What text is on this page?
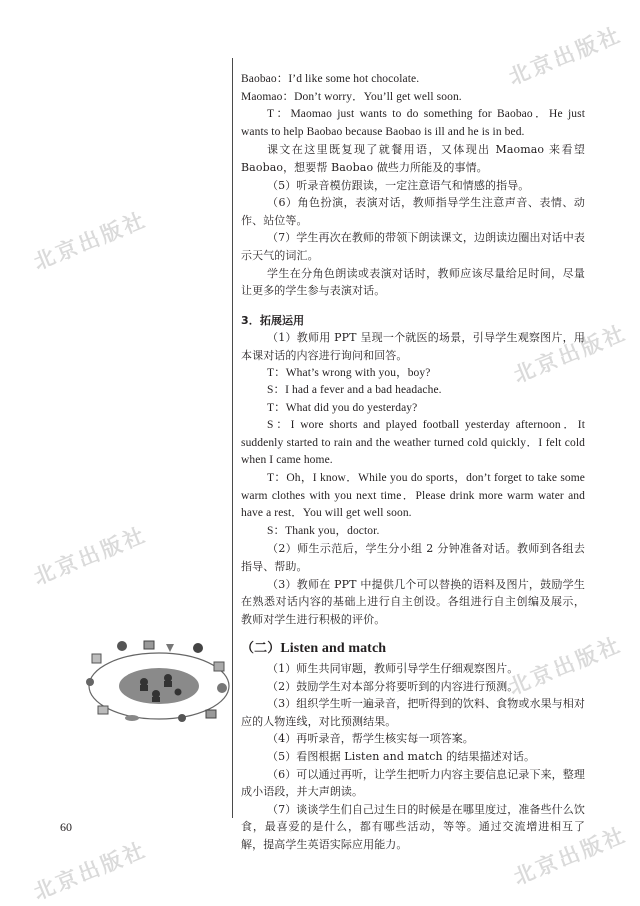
北京出版社
北京出版社
北京出版社
北京出版社
北京出版社
北京出版社	北京出版社

Baobao：I’d like some hot chocolate.

Maomao：Don’t worry．You’ll get well soon.

T：Maomao just wants to do something for Baobao．He just wants to help Baobao because Baobao is ill and he is in bed.

课文在这里既复现了就餐用语，又体现出 Maomao 来看望 Baobao，想要帮 Baobao 做些力所能及的事情。

（5）听录音模仿跟读，一定注意语气和情感的指导。

（6）角色扮演，表演对话，教师指导学生注意声音、表情、动作、站位等。

（7）学生再次在教师的带领下朗读课文，边朗读边圈出对话中表示天气的词汇。

学生在分角色朗读或表演对话时，教师应该尽量给足时间，尽量让更多的学生参与表演对话。

3．拓展运用

（1）教师用 PPT 呈现一个就医的场景，引导学生观察图片，用本课对话的内容进行询问和回答。

T：What’s wrong with you，boy?

S：I had a fever and a bad headache.

T：What did you do yesterday?

S：I wore shorts and played football yesterday afternoon．It suddenly started to rain and the weather turned cold quickly．I felt cold when I came home.

T：Oh，I know．While you do sports，don’t forget to take some warm clothes with you next time．Please drink more warm water and have a rest．You will get well soon.

S：Thank you，doctor.

（2）师生示范后，学生分小组 2 分钟准备对话。教师到各组去指导、帮助。

（3）教师在 PPT 中提供几个可以替换的语料及图片，鼓励学生在熟悉对话内容的基础上进行自主创设。各组进行自主创编及展示，教师对学生进行积极的评价。

（二）Listen and match

（1）师生共同审题，教师引导学生仔细观察图片。

（2）鼓励学生对本部分将要听到的内容进行预测。

（3）组织学生听一遍录音，把听得到的饮料、食物或水果与相对应的人物连线，对比预测结果。

（4）再听录音，帮学生核实每一项答案。

（5）看图根据 Listen and match 的结果描述对话。

（6）可以通过再听，让学生把听力内容主要信息记录下来，整理成小语段，并大声朗读。

（7）谈谈学生们自己过生日的时候是在哪里度过，准备些什么饮食，最喜爱的是什么，都有哪些活动，等等。通过交流增进相互了解，提高学生英语实际应用能力。

60
